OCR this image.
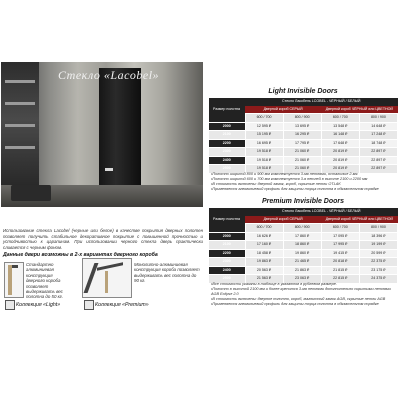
Стекло «Lacobel»
Использование стекла Lacobel (черные или белое) в качестве покрытия дверных полотен позволяет получить стабильное декоративное покрытие с повышенной прочностью и устойчивостью к царапинам. При использовании черного стекла дверь практически сливается с черным фоном.
Данные двери возможны в 2-х вариантах дверного короба
Стандартно алюминиевая конструкция дверного короба позволяет выдерживать вес полотна до 50 кг.
Монолитно-алюминиевая конструкция короба позволяет выдерживать вес полотна до 90 кг.
Коллекция «Light»	Коллекция «Premium»
Light Invisible Doors
Размер полотна	Стекло Лакобель LCOBEL - ЧЁРНЫЙ / БЕЛЫЙ			
	Дверной короб СЕРЫЙ		Дверной короб ЧЁРНЫЙ или ЦВЕТНОЙ	
	600 / 700	800 / 900	600 / 700	800 / 900
2000	12 595 ₽	13 695 ₽	13 548 ₽	14 648 ₽
2100	15 195 ₽	16 295 ₽	16 148 ₽	17 248 ₽
2200	16 695 ₽	17 795 ₽	17 648 ₽	18 748 ₽
2300	19 518 ₽	21 060 ₽	20 819 ₽	22 897 ₽
2400	19 518 ₽	21 060 ₽	20 819 ₽	22 897 ₽
2500	19 518 ₽	21 060 ₽	20 819 ₽	22 897 ₽
• Полотно шириной 800 и 900 мм комплектуется 3-мя петлями, остальные 2-мя.
• Полотно шириной 600 и 700 мм комплектуется 3-я петлей в высоте 2100 и 2200 мм
• В стоимость включены: дверной замок, короб, скрытые петли ОТLAK
• Применяется алюминиевый профиль для защиты торца полотна в обязательном порядке
Premium Invisible Doors
Размер полотна	Стекло Лакобель LCOBEL - ЧЁРНЫЙ / БЕЛЫЙ			
	Дверной короб СЕРЫЙ		Дверной короб ЧЁРНЫЙ или ЦВЕТНОЙ	
	600 / 700	800 / 900	600 / 700	800 / 900
2000	16 626 ₽	17 860 ₽	17 095 ₽	18 396 ₽
2100	17 160 ₽	18 860 ₽	17 995 ₽	19 199 ₽
2200	18 458 ₽	19 860 ₽	19 415 ₽	20 599 ₽
2300	19 863 ₽	21 465 ₽	20 818 ₽	22 375 ₽
2400	20 563 ₽	21 863 ₽	21 815 ₽	23 175 ₽
2500	21 563 ₽	23 063 ₽	22 815 ₽	24 375 ₽
• Все стоимости указаны в таблице в указанном в рублевом размере.
• Полотно в высотой 2100 мм и более крепится 3-мя петлями дополнительно скрытыми петлями AGB Eclipse 2.0
• В стоимость включены: дверное полотно, короб, магнитный замок AGB, скрытые петли AGB
• Применяется алюминиевый профиль для защиты торца полотна в обязательном порядке
